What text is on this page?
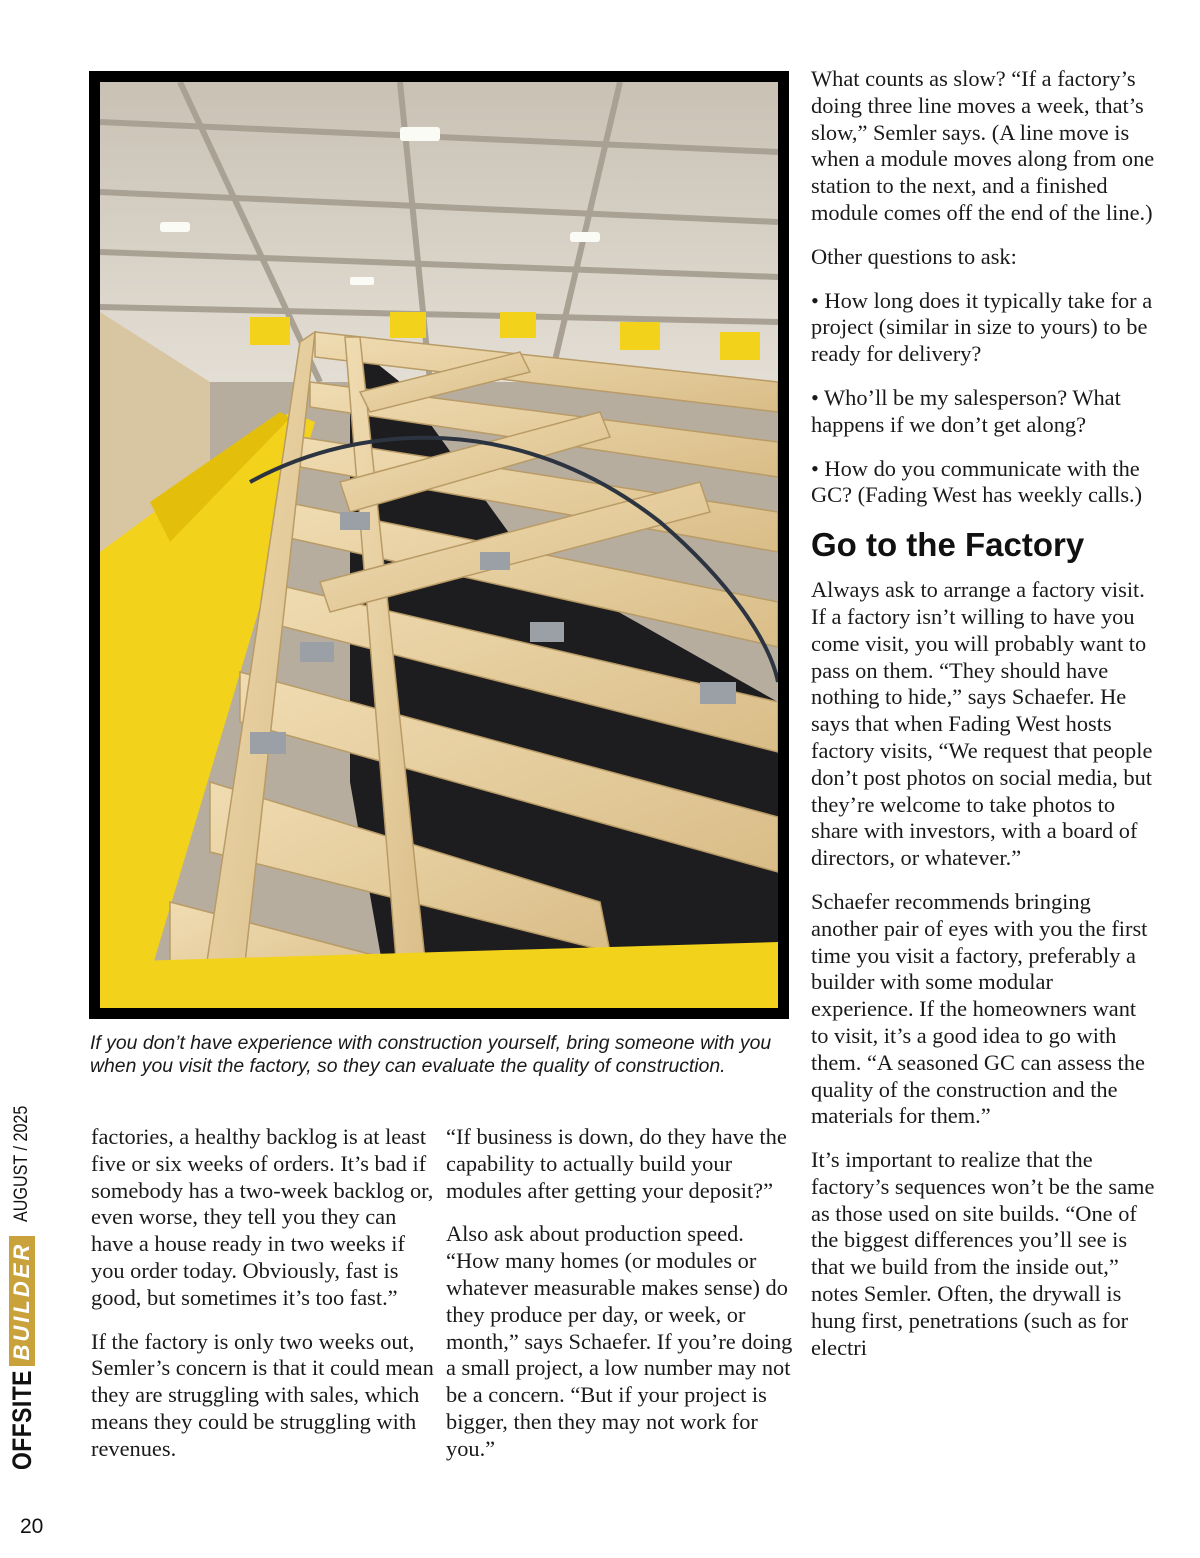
If you don’t have experience with construction yourself, bring someone with you when you visit the factory, so they can evaluate the quality of construction.

factories, a healthy backlog is at least five or six weeks of orders. It’s bad if somebody has a two-week backlog or, even worse, they tell you they can have a house ready in two weeks if you order today. Obviously, fast is good, but sometimes it’s too fast.”

If the factory is only two weeks out, Semler’s concern is that it could mean they are struggling with sales, which means they could be struggling with revenues.

“If business is down, do they have the capability to actually build your modules after getting your deposit?”

Also ask about production speed. “How many homes (or modules or whatever measurable makes sense) do they produce per day, or week, or month,” says Schaefer. If you’re doing a small project, a low number may not be a concern. “But if your project is bigger, then they may not work for you.”

What counts as slow? “If a factory’s doing three line moves a week, that’s slow,” Semler says. (A line move is when a module moves along from one station to the next, and a finished module comes off the end of the line.)

Other questions to ask:

• How long does it typically take for a project (similar in size to yours) to be ready for delivery?

• Who’ll be my salesperson? What happens if we don’t get along?

• How do you communicate with the GC? (Fading West has weekly calls.)

Go to the Factory

Always ask to arrange a factory visit. If a factory isn’t willing to have you come visit, you will probably want to pass on them. “They should have nothing to hide,” says Schaefer. He says that when Fading West hosts factory visits, “We request that people don’t post photos on social media, but they’re welcome to take photos to share with investors, with a board of directors, or whatever.”

Schaefer recommends bringing another pair of eyes with you the first time you visit a factory, preferably a builder with some modular experience. If the homeowners want to visit, it’s a good idea to go with them. “A seasoned GC can assess the quality of the construction and the materials for them.”

It’s important to realize that the factory’s sequences won’t be the same as those used on site builds. “One of the biggest differences you’ll see is that we build from the inside out,” notes Semler. Often, the drywall is hung first, penetrations (such as for electri

OFFSITE
BUILDER
AUGUST / 2025
20
